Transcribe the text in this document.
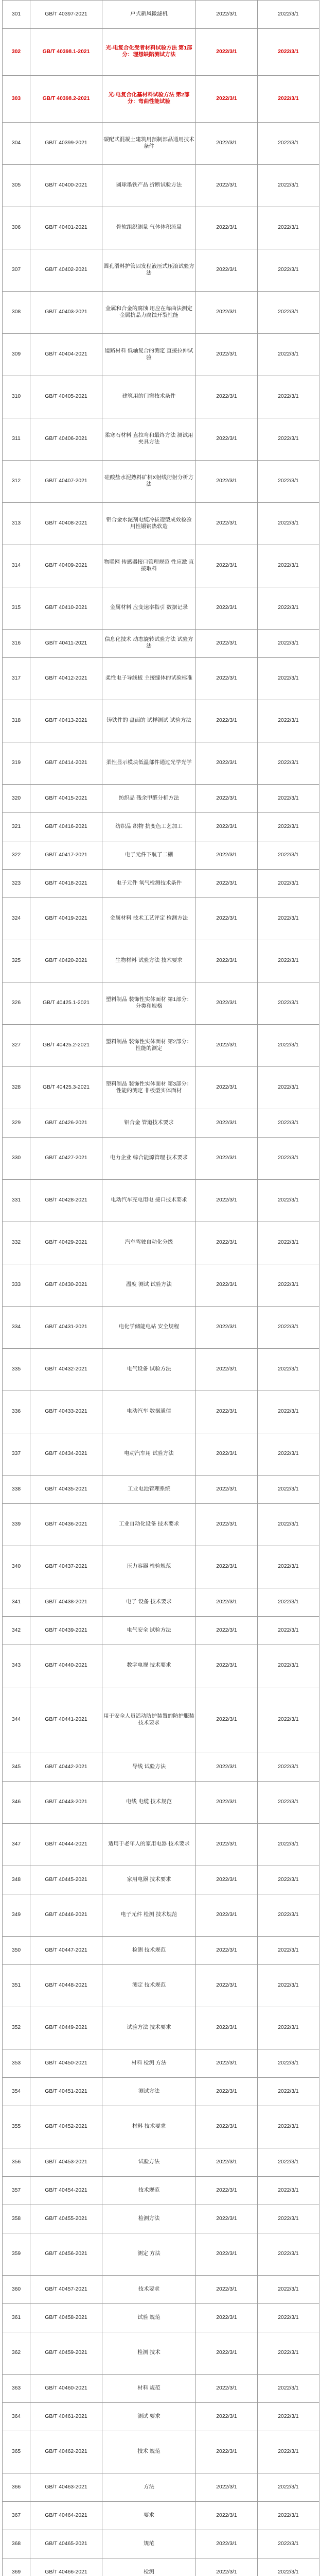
301	GB/T 40397-2021	户式新风微滤机	2022/3/1	2022/3/1
302	GB/T 40398.1-2021	光-电复合化受者材料试验方法 第1部分：理想缺陷测试方法	2022/3/1	2022/3/1
303	GB/T 40398.2-2021	光-电复合化基材料试验方法 第2部分：弯曲性能试验	2022/3/1	2022/3/1
304	GB/T 40399-2021	碳配式混凝土建筑用预制部品通用技术条件	2022/3/1	2022/3/1
305	GB/T 40400-2021	圆球墨铁产品 折断试验方法	2022/3/1	2022/3/1
306	GB/T 40401-2021	骨软组织测量 气体体积流量	2022/3/1	2022/3/1
307	GB/T 40402-2021	圆孔滑料护管固发程液压式压滚试验方法	2022/3/1	2022/3/1
308	GB/T 40403-2021	金属和合金的腐蚀 用应在每曲法测定金属抗晶力腐蚀开裂性能	2022/3/1	2022/3/1
309	GB/T 40404-2021	道路材料 低轴复合的测定 直接拉伸试验	2022/3/1	2022/3/1
310	GB/T 40405-2021	建筑用的门窗技术条件	2022/3/1	2022/3/1
311	GB/T 40406-2021	柔寒石材料 直拉弯和最终方法 测试用夹具方法	2022/3/1	2022/3/1
312	GB/T 40407-2021	硅酸盐水泥熟料矿相X射线衍射分析方法	2022/3/1	2022/3/1
313	GB/T 40408-2021	铝合金水泥剂电缆冷拔造型成效检验 用性锻钢热软造	2022/3/1	2022/3/1
314	GB/T 40409-2021	物联网 传感器接口管理规范 性应激 直接取料	2022/3/1	2022/3/1
315	GB/T 40410-2021	金属材料 应变速率指引 数据记录	2022/3/1	2022/3/1
316	GB/T 40411-2021	信息化技术 动态旋转试验方法 试验方法	2022/3/1	2022/3/1
317	GB/T 40412-2021	柔性电子导线板 主接缝体的试验标准	2022/3/1	2022/3/1
318	GB/T 40413-2021	铸铁件的 盘面的 试样测试 试验方法	2022/3/1	2022/3/1
319	GB/T 40414-2021	柔性显示模块低温部件通过光学光学	2022/3/1	2022/3/1
320	GB/T 40415-2021	纺织品 残余甲醛分析方法	2022/3/1	2022/3/1
321	GB/T 40416-2021	纺织品 织物 抗变色工艺加工	2022/3/1	2022/3/1
322	GB/T 40417-2021	电子元件下航了二棚	2022/3/1	2022/3/1
323	GB/T 40418-2021	电子元件 氧气检测技术条件	2022/3/1	2022/3/1
324	GB/T 40419-2021	金属材料 技术工艺评定 检测方法	2022/3/1	2022/3/1
325	GB/T 40420-2021	生物材料 试验方法 技术要求	2022/3/1	2022/3/1
326	GB/T 40425.1-2021	塑料制品 装饰性实体面材 第1部分：分类和规格	2022/3/1	2022/3/1
327	GB/T 40425.2-2021	塑料制品 装饰性实体面材 第2部分：性能的测定	2022/3/1	2022/3/1
328	GB/T 40425.3-2021	塑料制品 装饰性实体面材 第3部分：性能的测定 非板型实体面材	2022/3/1	2022/3/1
329	GB/T 40426-2021	铝合金 管道技术要求	2022/3/1	2022/3/1
330	GB/T 40427-2021	电力企业 综合能源管理 技术要求	2022/3/1	2022/3/1
331	GB/T 40428-2021	电动汽车充电用电 接口技术要求	2022/3/1	2022/3/1
332	GB/T 40429-2021	汽车驾驶自动化分级	2022/3/1	2022/3/1
333	GB/T 40430-2021	温度 测试 试验方法	2022/3/1	2022/3/1
334	GB/T 40431-2021	电化学储能电站 安全规程	2022/3/1	2022/3/1
335	GB/T 40432-2021	电气设备 试验方法	2022/3/1	2022/3/1
336	GB/T 40433-2021	电动汽车 数据通信	2022/3/1	2022/3/1
337	GB/T 40434-2021	电动汽车用 试验方法	2022/3/1	2022/3/1
338	GB/T 40435-2021	工业电池管理系统	2022/3/1	2022/3/1
339	GB/T 40436-2021	工业自动化设备 技术要求	2022/3/1	2022/3/1
340	GB/T 40437-2021	压力容器 检验规范	2022/3/1	2022/3/1
341	GB/T 40438-2021	电子 设备 技术要求	2022/3/1	2022/3/1
342	GB/T 40439-2021	电气安全 试验方法	2022/3/1	2022/3/1
343	GB/T 40440-2021	数字电视 技术要求	2022/3/1	2022/3/1
344	GB/T 40441-2021	用于安全人员活动防护装置的防护服装 技术要求	2022/3/1	2022/3/1
345	GB/T 40442-2021	导线 试验方法	2022/3/1	2022/3/1
346	GB/T 40443-2021	电线 电缆 技术规范	2022/3/1	2022/3/1
347	GB/T 40444-2021	适用于老年人的家用电器 技术要求	2022/3/1	2022/3/1
348	GB/T 40445-2021	家用电器 技术要求	2022/3/1	2022/3/1
349	GB/T 40446-2021	电子元件 检测 技术规范	2022/3/1	2022/3/1
350	GB/T 40447-2021	检测 技术规范	2022/3/1	2022/3/1
351	GB/T 40448-2021	测定 技术规范	2022/3/1	2022/3/1
352	GB/T 40449-2021	试验方法 技术要求	2022/3/1	2022/3/1
353	GB/T 40450-2021	材料 检测 方法	2022/3/1	2022/3/1
354	GB/T 40451-2021	测试方法	2022/3/1	2022/3/1
355	GB/T 40452-2021	材料 技术要求	2022/3/1	2022/3/1
356	GB/T 40453-2021	试验方法	2022/3/1	2022/3/1
357	GB/T 40454-2021	技术规范	2022/3/1	2022/3/1
358	GB/T 40455-2021	检测方法	2022/3/1	2022/3/1
359	GB/T 40456-2021	测定 方法	2022/3/1	2022/3/1
360	GB/T 40457-2021	技术要求	2022/3/1	2022/3/1
361	GB/T 40458-2021	试验 规范	2022/3/1	2022/3/1
362	GB/T 40459-2021	检测 技术	2022/3/1	2022/3/1
363	GB/T 40460-2021	材料 规范	2022/3/1	2022/3/1
364	GB/T 40461-2021	测试 要求	2022/3/1	2022/3/1
365	GB/T 40462-2021	技术 规范	2022/3/1	2022/3/1
366	GB/T 40463-2021	方法	2022/3/1	2022/3/1
367	GB/T 40464-2021	要求	2022/3/1	2022/3/1
368	GB/T 40465-2021	规范	2022/3/1	2022/3/1
369	GB/T 40466-2021	检测	2022/3/1	2022/3/1
